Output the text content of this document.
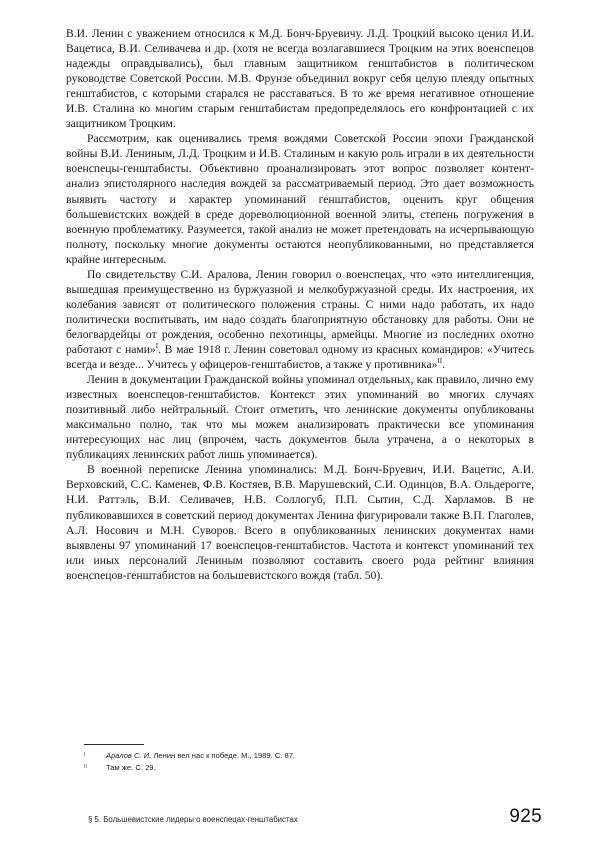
В.И. Ленин с уважением относился к М.Д. Бонч-Бруевичу. Л.Д. Троцкий высоко ценил И.И. Вацетиса, В.И. Селивачева и др. (хотя не всегда возлагавшиеся Троцким на этих военспецов надежды оправдывались), был главным защитником генштабистов в политическом руководстве Советской России. М.В. Фрунзе объединил вокруг себя целую плеяду опытных генштабистов, с которыми старался не расставаться. В то же время негативное отношение И.В. Сталина ко многим старым генштабистам предопределялось его конфронтацией с их защитником Троцким.

Рассмотрим, как оценивались тремя вождями Советской России эпохи Гражданской войны В.И. Лениным, Л.Д. Троцким и И.В. Сталиным и какую роль играли в их деятельности военспецы-генштабисты. Объективно проанализировать этот вопрос позволяет контент-анализ эпистолярного наследия вождей за рассматриваемый период. Это дает возможность выявить частоту и характер упоминаний генштабистов, оценить круг общения большевистских вождей в среде дореволюционной военной элиты, степень погружения в военную проблематику. Разумеется, такой анализ не может претендовать на исчерпывающую полноту, поскольку многие документы остаются неопубликованными, но представляется крайне интересным.

По свидетельству С.И. Аралова, Ленин говорил о военспецах, что «это интеллигенция, вышедшая преимущественно из буржуазной и мелкобуржуазной среды. Их настроения, их колебания зависят от политического положения страны. С ними надо работать, их надо политически воспитывать, им надо создать благоприятную обстановку для работы. Они не белогвардейцы от рождения, особенно пехотинцы, армейцы. Многие из последних охотно работают с нами»$^I$. В мае 1918 г. Ленин советовал одному из красных командиров: «Учитесь всегда и везде... Учитесь у офицеров-генштабистов, а также у противника»$^{II}$.

Ленин в документации Гражданской войны упоминал отдельных, как правило, лично ему известных военспецов-генштабистов. Контекст этих упоминаний во многих случаях позитивный либо нейтральный. Стоит отметить, что ленинские документы опубликованы максимально полно, так что мы можем анализировать практически все упоминания интересующих нас лиц (впрочем, часть документов была утрачена, а о некоторых в публикациях ленинских работ лишь упоминается).

В военной переписке Ленина упоминались: М.Д. Бонч-Бруевич, И.И. Вацетис, А.И. Верховский, С.С. Каменев, Ф.В. Костяев, В.В. Марушевский, С.И. Одинцов, В.А. Ольдерогге, Н.И. Раттэль, В.И. Селивачев, Н.В. Соллогуб, П.П. Сытин, С.Д. Харламов. В не публиковавшихся в советский период документах Ленина фигурировали также В.П. Глаголев, А.Л. Носович и М.Н. Суворов. Всего в опубликованных ленинских документах нами выявлены 97 упоминаний 17 военспецов-генштабистов. Частота и контекст упоминаний тех или иных персоналий Лениным позволяют составить своего рода рейтинг влияния военспецов-генштабистов на большевистского вождя (табл. 50).

I	Аралов С. И. Ленин вел нас к победе. М., 1989. С. 87.
II	Там же. С. 29.
§ 5. Большевистские лидеры о военспецах-генштабистах	925
